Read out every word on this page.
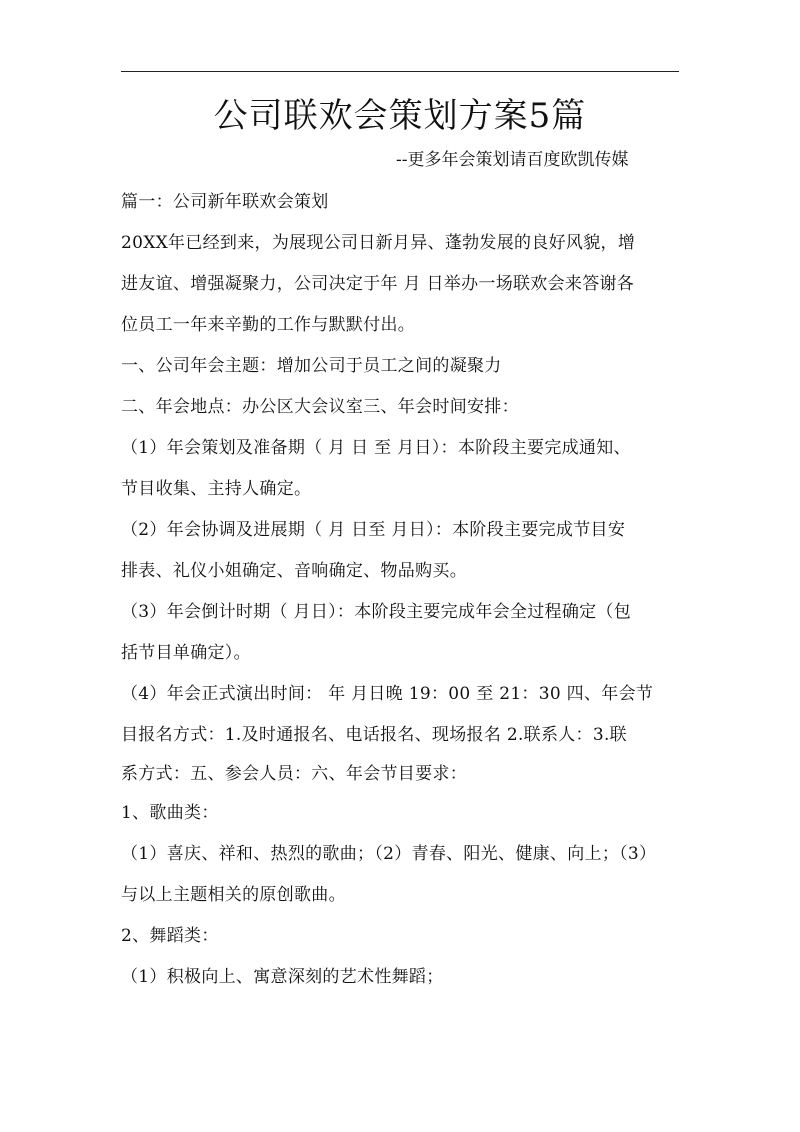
公司联欢会策划方案5篇
--更多年会策划请百度欧凯传媒
篇一：公司新年联欢会策划
20XX年已经到来，为展现公司日新月异、蓬勃发展的良好风貌，增
进友谊、增强凝聚力，公司决定于年 月 日举办一场联欢会来答谢各
位员工一年来辛勤的工作与默默付出。
一、公司年会主题：增加公司于员工之间的凝聚力
二、年会地点：办公区大会议室三、年会时间安排：
（1）年会策划及准备期（ 月 日 至 月日）：本阶段主要完成通知、
节目收集、主持人确定。
（2）年会协调及进展期（ 月 日至 月日）：本阶段主要完成节目安
排表、礼仪小姐确定、音响确定、物品购买。
（3）年会倒计时期（ 月日）：本阶段主要完成年会全过程确定（包
括节目单确定）。
（4）年会正式演出时间： 年 月日晚 19：00 至 21：30 四、年会节
目报名方式：1.及时通报名、电话报名、现场报名 2.联系人：3.联
系方式：五、参会人员：六、年会节目要求：
1、歌曲类：
（1）喜庆、祥和、热烈的歌曲；（2）青春、阳光、健康、向上；（3）
与以上主题相关的原创歌曲。
2、舞蹈类：
（1）积极向上、寓意深刻的艺术性舞蹈；
